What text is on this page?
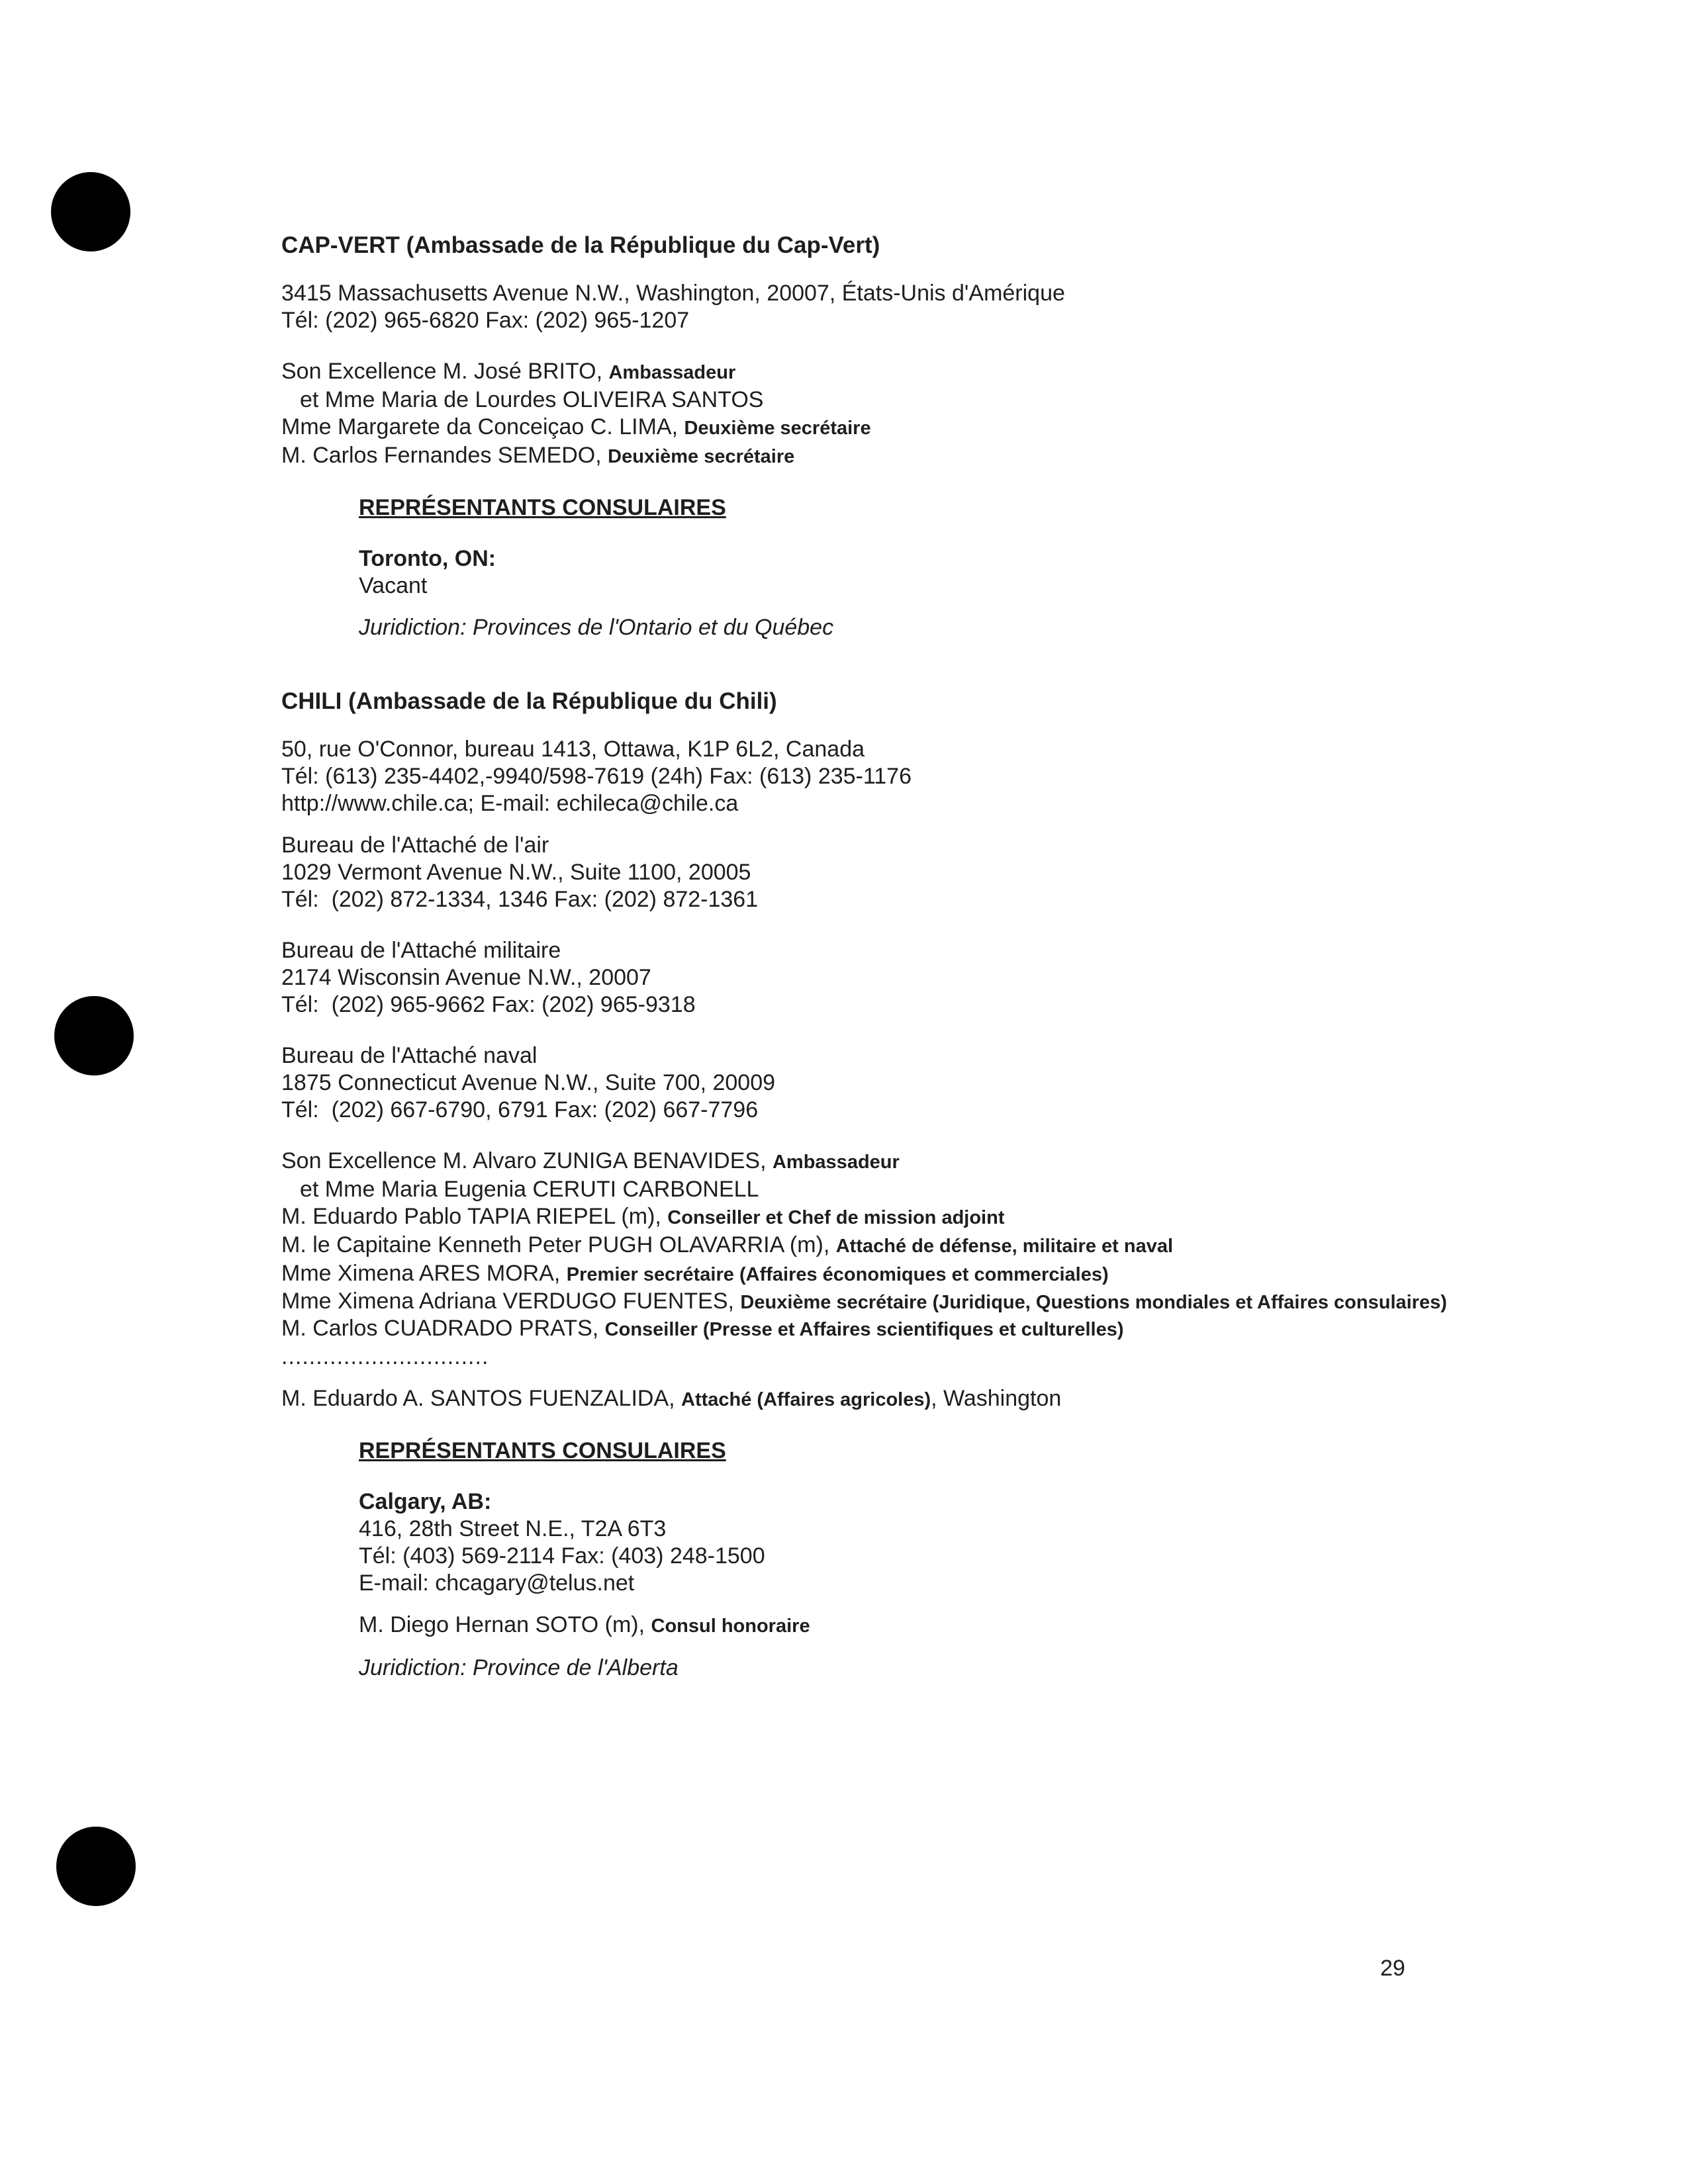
CAP-VERT (Ambassade de la République du Cap-Vert)

3415 Massachusetts Avenue N.W., Washington, 20007, États-Unis d'Amérique

Tél: (202) 965-6820 Fax: (202) 965-1207

Son Excellence M. José BRITO, Ambassadeur

et Mme Maria de Lourdes OLIVEIRA SANTOS

Mme Margarete da Conceiçao C. LIMA, Deuxième secrétaire

M. Carlos Fernandes SEMEDO, Deuxième secrétaire

REPRÉSENTANTS CONSULAIRES

Toronto, ON:

Vacant

Juridiction: Provinces de l'Ontario et du Québec

CHILI (Ambassade de la République du Chili)

50, rue O'Connor, bureau 1413, Ottawa, K1P 6L2, Canada

Tél: (613) 235-4402,-9940/598-7619 (24h) Fax: (613) 235-1176

http://www.chile.ca; E-mail: echileca@chile.ca

Bureau de l'Attaché de l'air

1029 Vermont Avenue N.W., Suite 1100, 20005

Tél:  (202) 872-1334, 1346 Fax: (202) 872-1361

Bureau de l'Attaché militaire

2174 Wisconsin Avenue N.W., 20007

Tél:  (202) 965-9662 Fax: (202) 965-9318

Bureau de l'Attaché naval

1875 Connecticut Avenue N.W., Suite 700, 20009

Tél:  (202) 667-6790, 6791 Fax: (202) 667-7796

Son Excellence M. Alvaro ZUNIGA BENAVIDES, Ambassadeur

et Mme Maria Eugenia CERUTI CARBONELL

M. Eduardo Pablo TAPIA RIEPEL (m), Conseiller et Chef de mission adjoint

M. le Capitaine Kenneth Peter PUGH OLAVARRIA (m), Attaché de défense, militaire et naval

Mme Ximena ARES MORA, Premier secrétaire (Affaires économiques et commerciales)

Mme Ximena Adriana VERDUGO FUENTES, Deuxième secrétaire (Juridique, Questions mondiales et Affaires consulaires)

M. Carlos CUADRADO PRATS, Conseiller (Presse et Affaires scientifiques et culturelles)

..............................

M. Eduardo A. SANTOS FUENZALIDA, Attaché (Affaires agricoles), Washington

REPRÉSENTANTS CONSULAIRES

Calgary, AB:

416, 28th Street N.E., T2A 6T3

Tél: (403) 569-2114 Fax: (403) 248-1500

E-mail: chcagary@telus.net

M. Diego Hernan SOTO (m), Consul honoraire

Juridiction: Province de l'Alberta

29
